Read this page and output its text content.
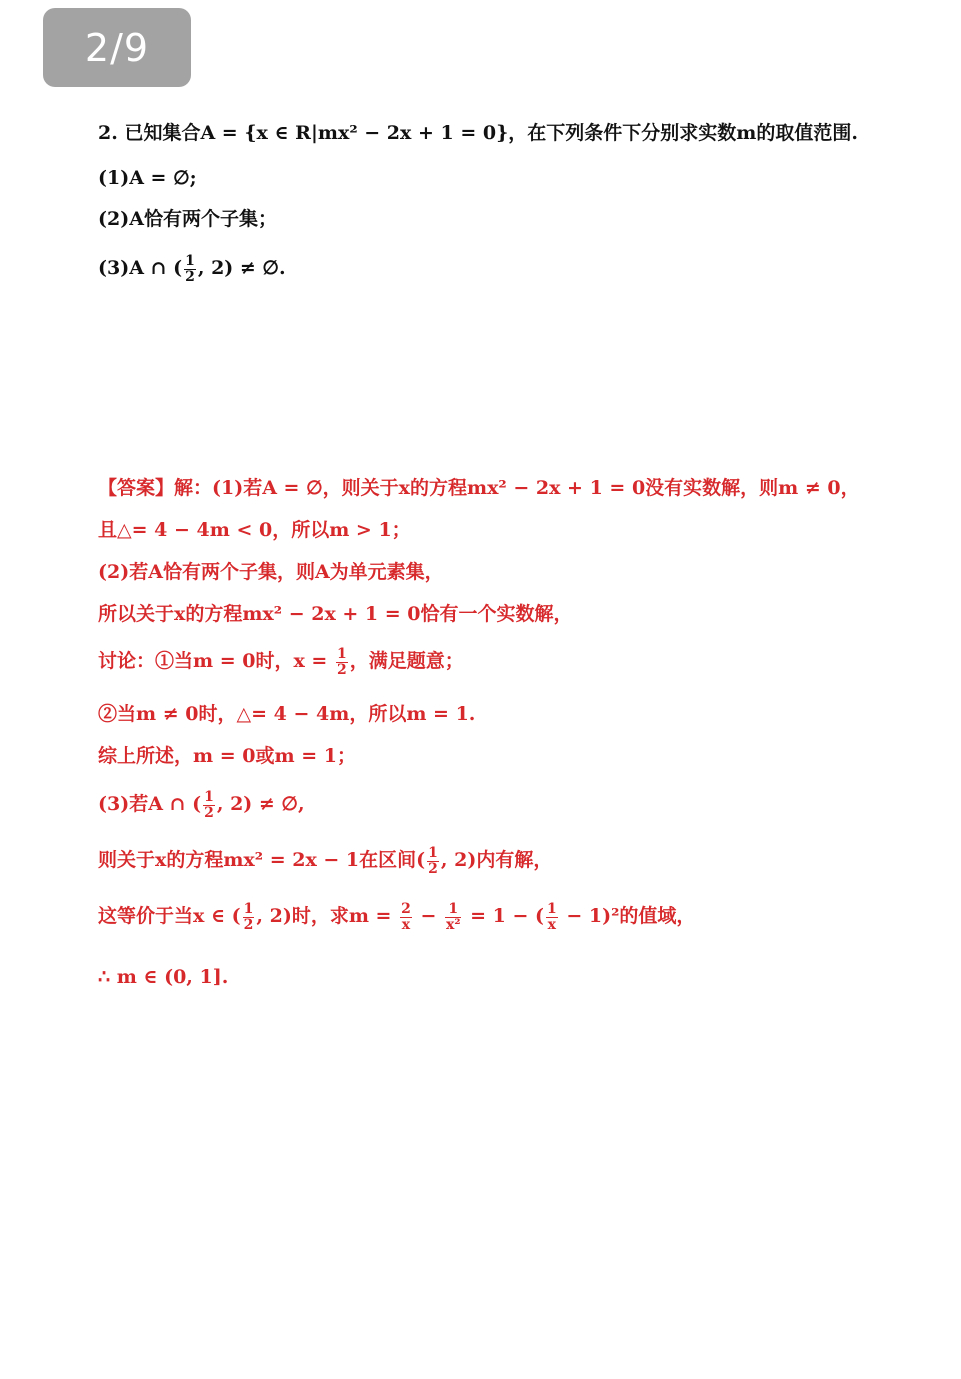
2/9
2. 已知集合A = {x ∈ R|mx² − 2x + 1 = 0}，在下列条件下分别求实数m的取值范围.
(1)A = ∅;
(2)A恰有两个子集；
(3)A ∩ ( $\frac{1}{2}$ , 2) ≠ ∅.
【答案】解：(1)若A = ∅，则关于x的方程mx² − 2x + 1 = 0没有实数解，则m ≠ 0，
且△= 4 − 4m < 0，所以m > 1；
(2)若A恰有两个子集，则A为单元素集，
所以关于x的方程mx² − 2x + 1 = 0恰有一个实数解，
讨论：①当m = 0时，$x = \frac{1}{2}$ ，满足题意；
②当m ≠ 0时，△= 4 − 4m，所以m = 1.
综上所述，m = 0或m = 1；
(3)若A ∩ ( $\frac{1}{2}$ , 2) ≠ ∅,
则关于x的方程mx² = 2x − 1在区间( $\frac{1}{2}$ , 2)内有解，
这等价于当x ∈ ( $\frac{1}{2}$ , 2)时，求$m = \frac{2}{x} - \frac{1}{\text{x²}} = 1$ − ( $\frac{1}{x} - 1)^2$的值域，
∴ m ∈ (0, 1].
